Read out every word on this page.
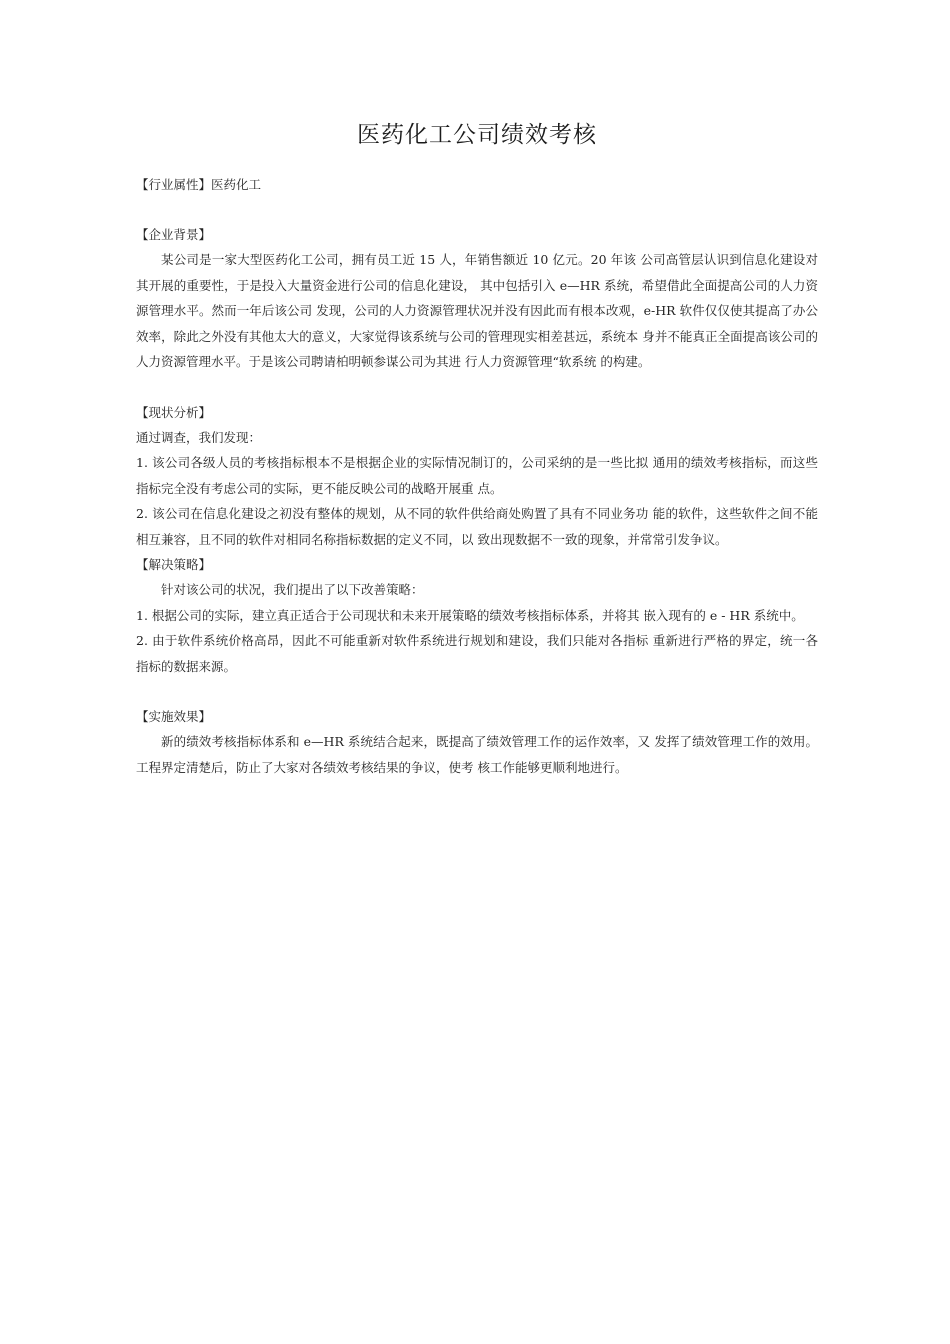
医药化工公司绩效考核

【行业属性】医药化工

【企业背景】

某公司是一家大型医药化工公司，拥有员工近 15 人，年销售额近 10 亿元。20 年该 公司高管层认识到信息化建设对其开展的重要性，于是投入大量资金进行公司的信息化建设， 其中包括引入 e—HR 系统，希望借此全面提高公司的人力资源管理水平。然而一年后该公司 发现，公司的人力资源管理状况并没有因此而有根本改观，e-HR 软件仅仅使其提高了办公 效率，除此之外没有其他太大的意义，大家觉得该系统与公司的管理现实相差甚远，系统本 身并不能真正全面提高该公司的人力资源管理水平。于是该公司聘请柏明顿参谋公司为其进 行人力资源管理“软系统 的构建。

【现状分析】

通过调查，我们发现：

1. 该公司各级人员的考核指标根本不是根据企业的实际情况制订的，公司采纳的是一些比拟 通用的绩效考核指标，而这些指标完全没有考虑公司的实际，更不能反映公司的战略开展重 点。

2. 该公司在信息化建设之初没有整体的规划，从不同的软件供给商处购置了具有不同业务功 能的软件，这些软件之间不能相互兼容，且不同的软件对相同名称指标数据的定义不同，以 致出现数据不一致的现象，并常常引发争议。

【解决策略】

针对该公司的状况，我们提出了以下改善策略：

1. 根据公司的实际，建立真正适合于公司现状和未来开展策略的绩效考核指标体系，并将其 嵌入现有的 e - HR 系统中。

2. 由于软件系统价格高昂，因此不可能重新对软件系统进行规划和建设，我们只能对各指标 重新进行严格的界定，统一各指标的数据来源。

【实施效果】

新的绩效考核指标体系和 e—HR 系统结合起来，既提高了绩效管理工作的运作效率，又 发挥了绩效管理工作的效用。工程界定清楚后，防止了大家对各绩效考核结果的争议，使考 核工作能够更顺利地进行。
